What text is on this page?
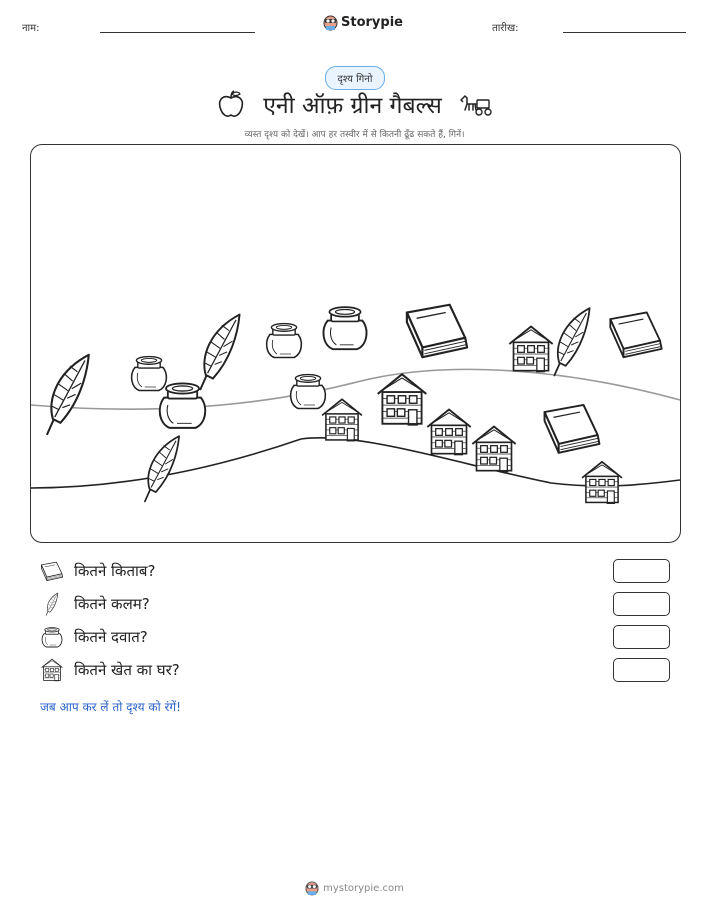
नाम:	Storypie	तारीख:
दृश्य गिनो
एनी ऑफ़ ग्रीन गैबल्स
व्यस्त दृश्य को देखें। आप हर तस्वीर में से कितनी ढूँढ सकते हैं, गिनें।
कितने किताब?
कितने कलम?
कितने दवात?
कितने खेत का घर?
जब आप कर लें तो दृश्य को रंगें!
mystorypie.com
